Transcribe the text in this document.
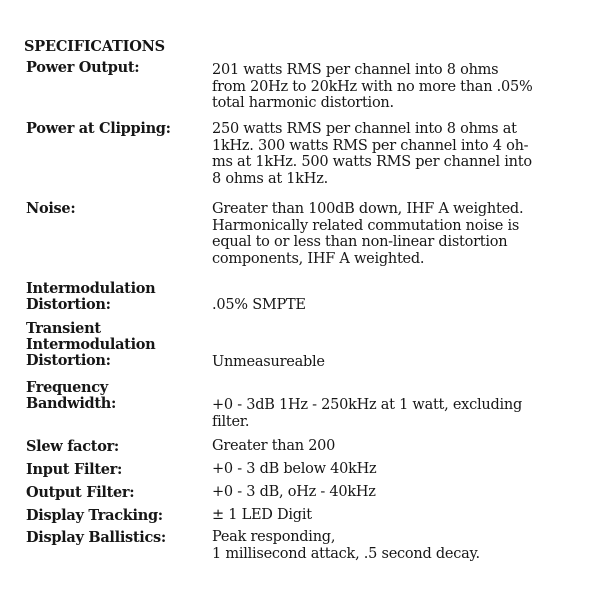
SPECIFICATIONS
Power Output:	201 watts RMS per channel into 8 ohms
from 20Hz to 20kHz with no more than .05%
total harmonic distortion.
Power at Clipping:	250 watts RMS per channel into 8 ohms at
1kHz. 300 watts RMS per channel into 4 oh-
ms at 1kHz. 500 watts RMS per channel into
8 ohms at 1kHz.
Noise:	Greater than 100dB down, IHF A weighted.
Harmonically related commutation noise is
equal to or less than non-linear distortion
components, IHF A weighted.
Intermodulation
Distortion:	.05% SMPTE
Transient
Intermodulation
Distortion:	Unmeasureable
Frequency
Bandwidth:	+0 - 3dB 1Hz - 250kHz at 1 watt, excluding
filter.
Slew factor:	Greater than 200
Input Filter:	+0 - 3 dB below 40kHz
Output Filter:	+0 - 3 dB, oHz - 40kHz
Display Tracking:	± 1 LED Digit
Display Ballistics:	Peak responding,
1 millisecond attack, .5 second decay.
